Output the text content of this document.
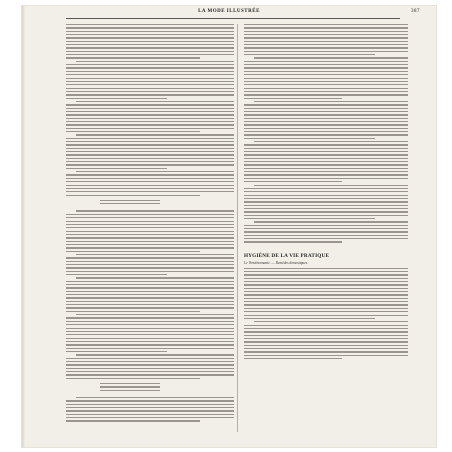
LA MODE ILLUSTRÉE	387
HYGIÈNE DE LA VIE PRATIQUE
Le Vomitivomanie. — Remèdes domestiques.
